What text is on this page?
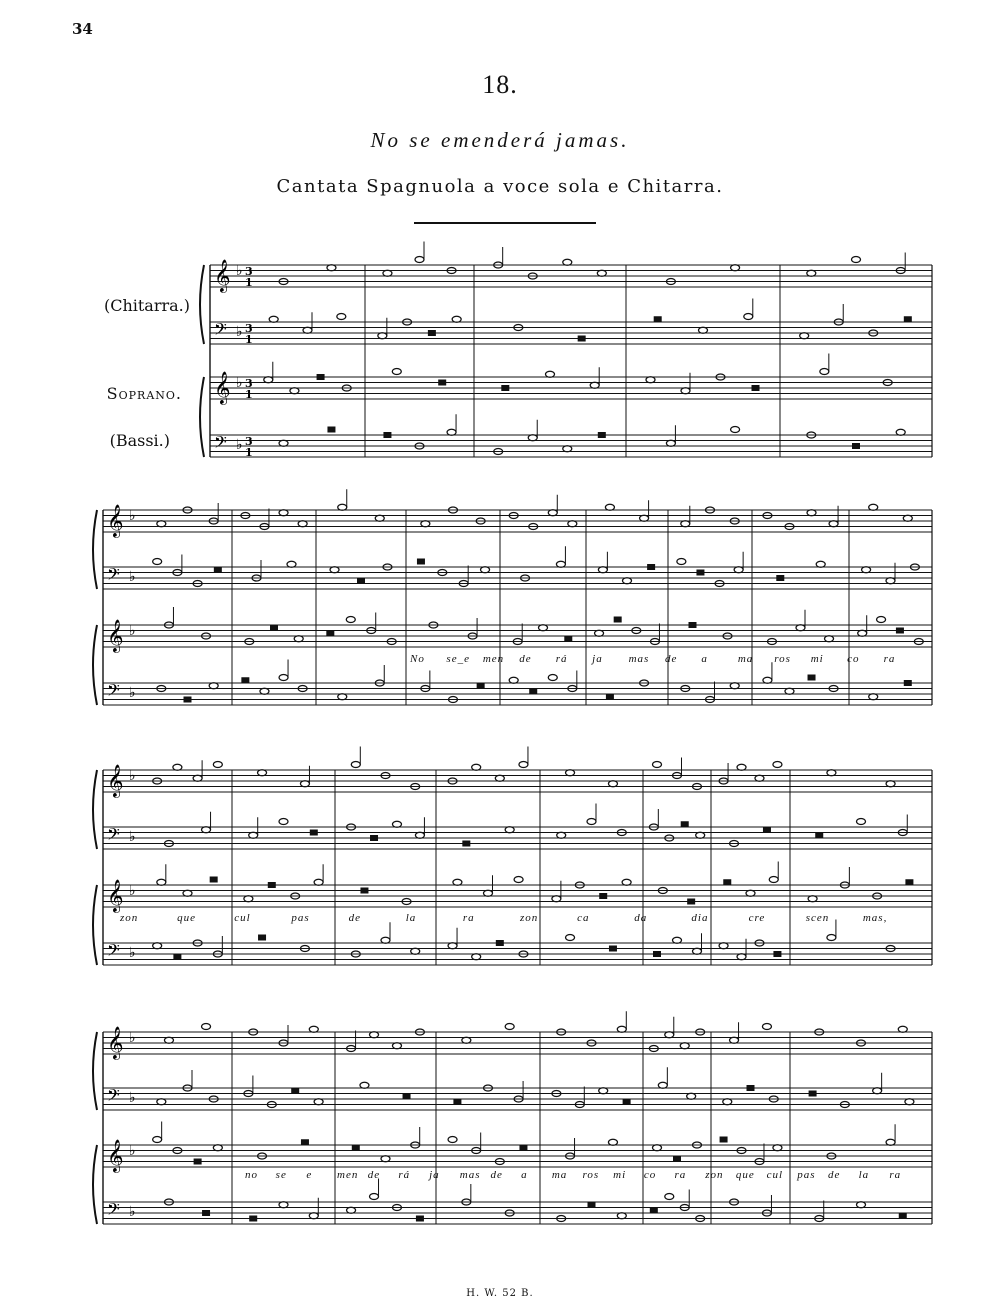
34
18.
No se emenderá jamas.
Cantata Spagnuola a voce sola e Chitarra.
(Chitarra.)
Soprano.
(Bassi.)
𝄞 ♭
𝄢 ♭
𝄞 ♭
𝄢 ♭
𝄞 ♭
𝄢 ♭
𝄞 ♭
𝄢 ♭
𝄞 ♭
𝄢 ♭
𝄞 ♭
𝄢 ♭
𝄞 ♭
𝄢 ♭
𝄞 ♭
𝄢 ♭
3
1
3
1
3
1
3
1
No se_e men de rá ja mas de a	ma ros mi co ra
zon	que	cul	pas	de	la	ra	zon	ca	da	dia	cre	scen	mas,
no se e men de rá ja mas de a ma ros mi co ra zon que cul pas de la ra
H. W. 52 B.
